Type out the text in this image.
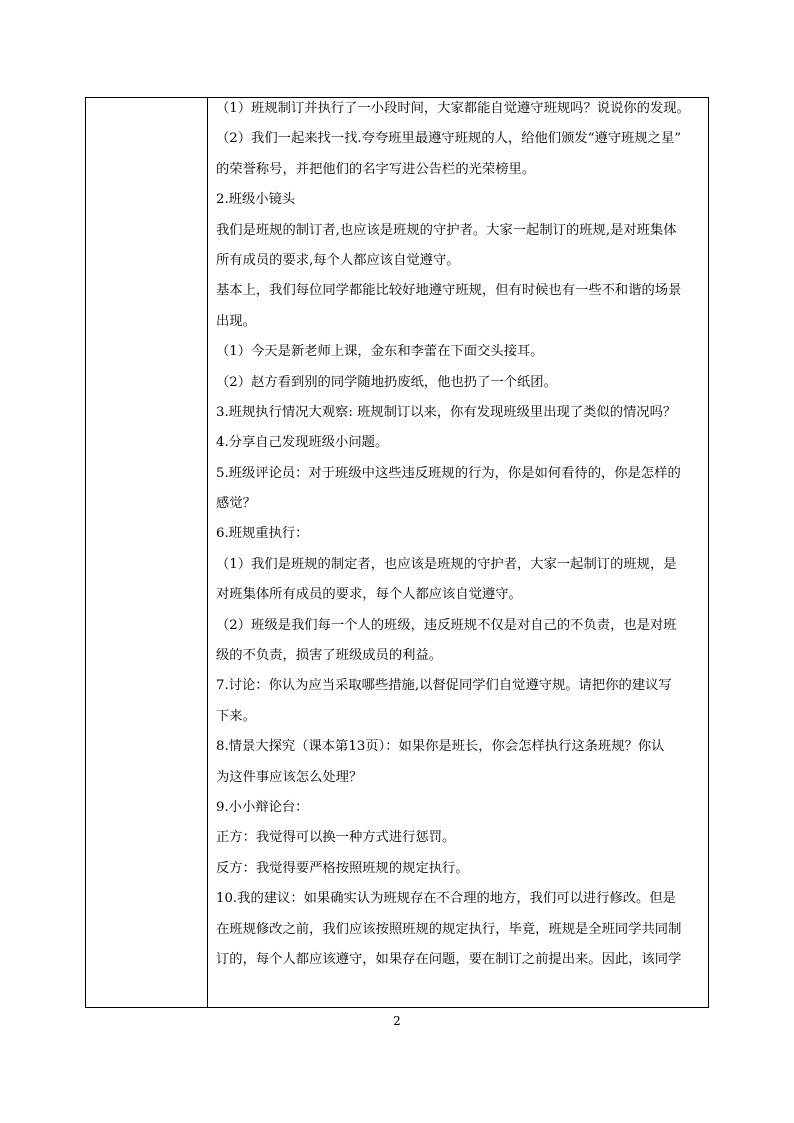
（1）班规制订并执行了一小段时间，大家都能自觉遵守班规吗？说说你的发现。
（2）我们一起来找一找.夸夸班里最遵守班规的人，给他们颁发“遵守班规之星”
的荣誉称号，并把他们的名字写进公告栏的光荣榜里。
2.班级小镜头
我们是班规的制订者,也应该是班规的守护者。大家一起制订的班规,是对班集体
所有成员的要求,每个人都应该自觉遵守。
基本上，我们每位同学都能比较好地遵守班规，但有时候也有一些不和谐的场景
出现。
（1）今天是新老师上课，金东和李蕾在下面交头接耳。
（2）赵方看到别的同学随地扔废纸，他也扔了一个纸团。
3.班规执行情况大观察: 班规制订以来，你有发现班级里出现了类似的情况吗？
4.分享自己发现班级小问题。
5.班级评论员：对于班级中这些违反班规的行为，你是如何看待的，你是怎样的
感觉？
6.班规重执行：
（1）我们是班规的制定者，也应该是班规的守护者，大家一起制订的班规，是
对班集体所有成员的要求，每个人都应该自觉遵守。
（2）班级是我们每一个人的班级，违反班规不仅是对自己的不负责，也是对班
级的不负责，损害了班级成员的利益。
7.讨论：你认为应当采取哪些措施,以督促同学们自觉遵守规。请把你的建议写
下来。
8.情景大探究（课本第13页）：如果你是班长，你会怎样执行这条班规？你认
为这件事应该怎么处理？
9.小小辩论台：
正方：我觉得可以换一种方式进行惩罚。
反方：我觉得要严格按照班规的规定执行。
10.我的建议：如果确实认为班规存在不合理的地方，我们可以进行修改。但是
在班规修改之前，我们应该按照班规的规定执行，毕竟，班规是全班同学共同制
订的，每个人都应该遵守，如果存在问题，要在制订之前提出来。因此，该同学
2
